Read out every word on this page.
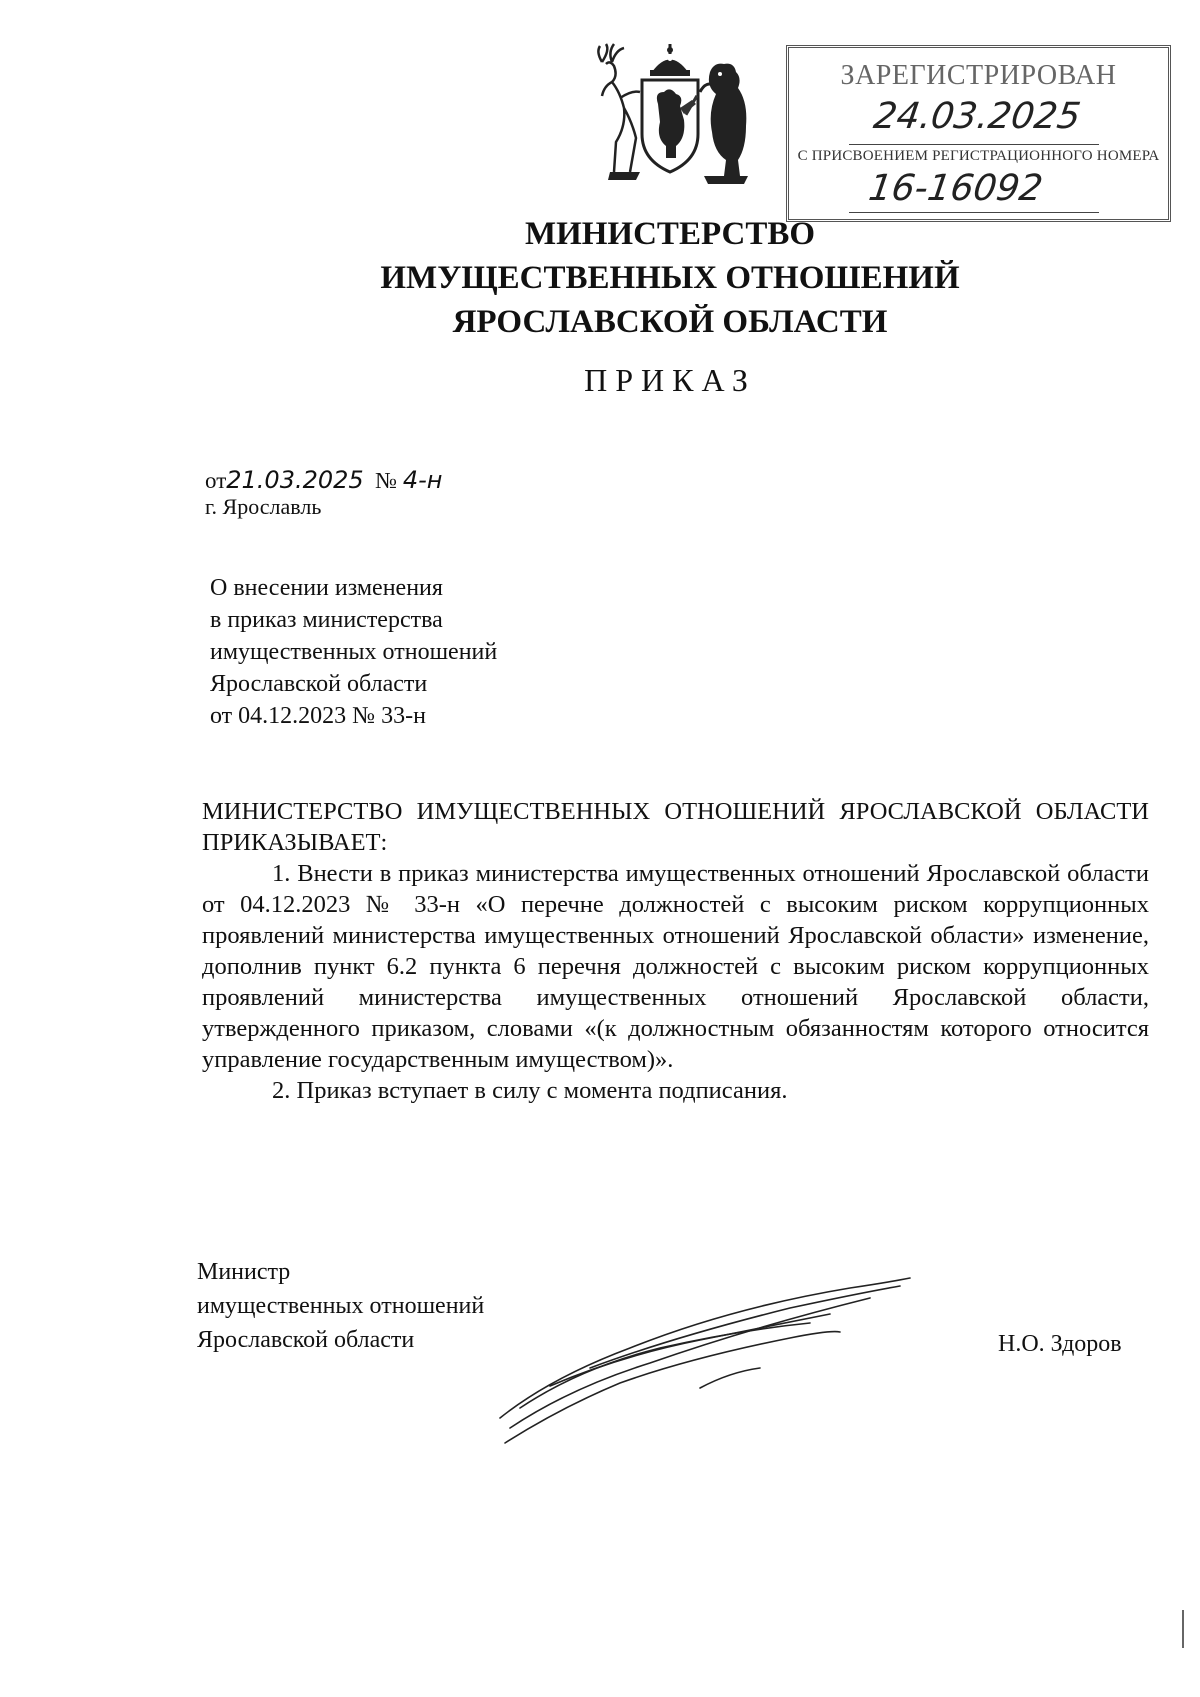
ЗАРЕГИСТРИРОВАН
24.03.2025
С ПРИСВОЕНИЕМ РЕГИСТРАЦИОННОГО НОМЕРА
16-16092
МИНИСТЕРСТВО
ИМУЩЕСТВЕННЫХ ОТНОШЕНИЙ
ЯРОСЛАВСКОЙ ОБЛАСТИ
ПРИКАЗ
от21.03.2025 № 4-н
г. Ярославль
О внесении изменения
в приказ министерства
имущественных отношений
Ярославской области
от 04.12.2023 № 33-н

МИНИСТЕРСТВО ИМУЩЕСТВЕННЫХ ОТНОШЕНИЙ ЯРОСЛАВСКОЙ ОБЛАСТИ ПРИКАЗЫВАЕТ:

1. Внести в приказ министерства имущественных отношений Ярославской области от 04.12.2023 № 33-н «О перечне должностей с высоким риском коррупционных проявлений министерства имущественных отношений Ярославской области» изменение, дополнив пункт 6.2 пункта 6 перечня должностей с высоким риском коррупционных проявлений министерства имущественных отношений Ярославской области, утвержденного приказом, словами «(к должностным обязанностям которого относится управление государственным имуществом)».

2. Приказ вступает в силу с момента подписания.

Министр
имущественных отношений
Ярославской области	Н.О. Здоров
